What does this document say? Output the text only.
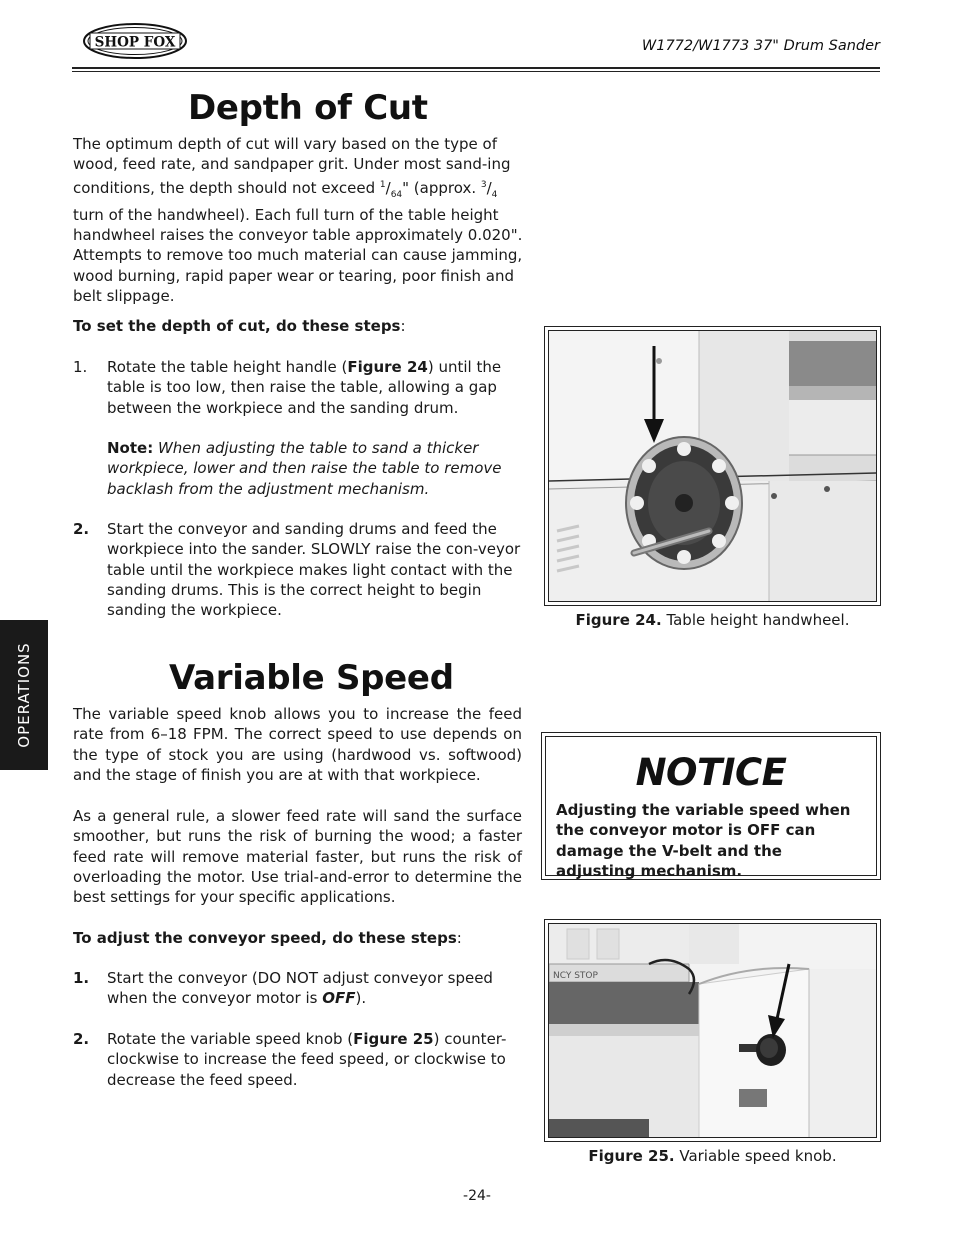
SHOP FOX	W1772/W1773 37" Drum Sander
Depth of Cut
The optimum depth of cut will vary based on the type of wood, feed rate, and sandpaper grit. Under most sand-ing conditions, the depth should not exceed $^1/_{64}$" (approx. $^3/_4$ turn of the handwheel). Each full turn of the table height handwheel raises the conveyor table approximately 0.020". Attempts to remove too much material can cause jamming, wood burning, rapid paper wear or tearing, poor finish and belt slippage.
To set the depth of cut, do these steps:
1.	Rotate the table height handle (Figure 24) until the table is too low, then raise the table, allowing a gap between the workpiece and the sanding drum.
Note: When adjusting the table to sand a thicker workpiece, lower and then raise the table to remove backlash from the adjustment mechanism.
2.	Start the conveyor and sanding drums and feed the workpiece into the sander. SLOWLY raise the con-veyor table until the workpiece makes light contact with the sanding drums. This is the correct height to begin sanding the workpiece.
Figure 24. Table height handwheel.
OPERATIONS	Variable Speed
The variable speed knob allows you to increase the feed rate from 6–18 FPM. The correct speed to use depends on the type of stock you are using (hardwood vs. softwood) and the stage of finish you are at with that workpiece.
As a general rule, a slower feed rate will sand the surface smoother, but runs the risk of burning the wood; a faster feed rate will remove material faster, but runs the risk of overloading the motor. Use trial-and-error to determine the best settings for your specific applications.
To adjust the conveyor speed, do these steps:
1.	Start the conveyor (DO NOT adjust conveyor speed when the conveyor motor is OFF).
2.	Rotate the variable speed knob (Figure 25) counter-clockwise to increase the feed speed, or clockwise to decrease the feed speed.
NOTICE
Adjusting the variable speed when the conveyor motor is OFF can damage the V-belt and the adjusting mechanism.
NCY STOP
Figure 25. Variable speed knob.
-24-
